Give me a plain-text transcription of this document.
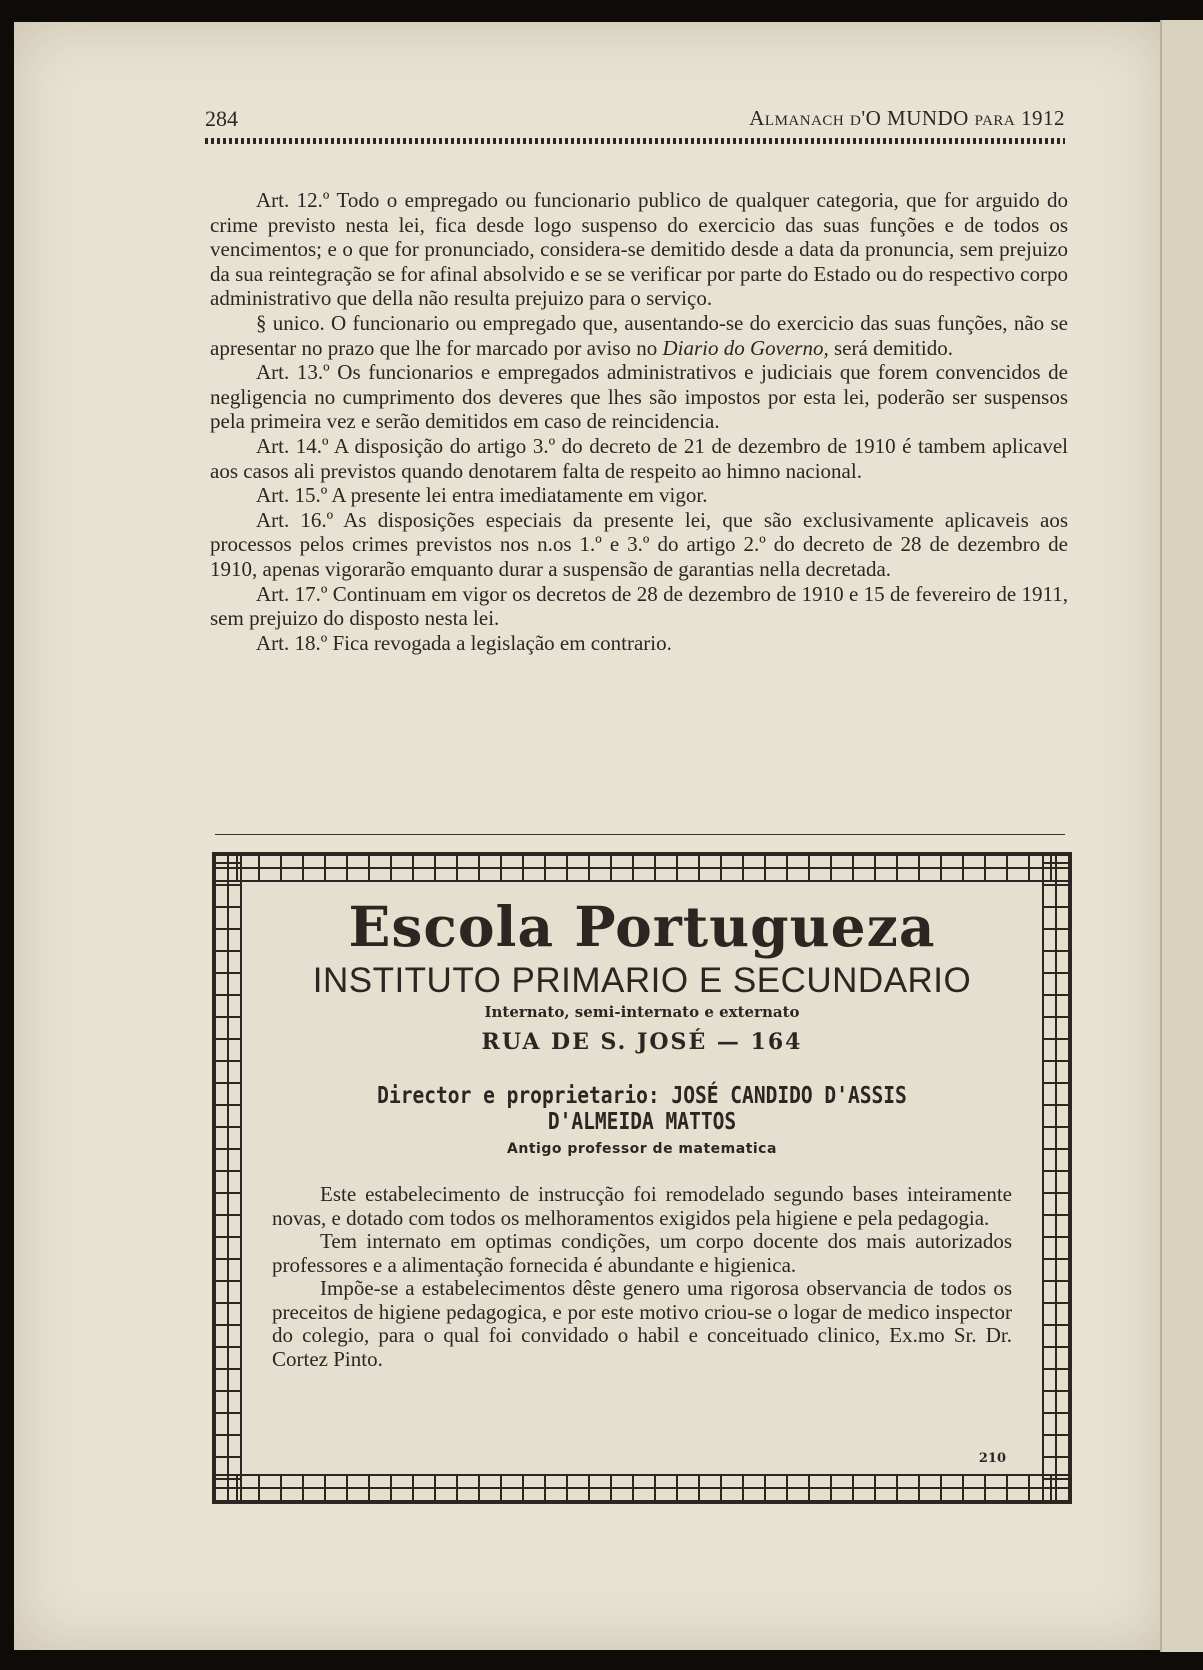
284	Almanach d'O MUNDO para 1912

Art. 12.º Todo o empregado ou funcionario publico de qualquer categoria, que for arguido do crime previsto nesta lei, fica desde logo suspenso do exercicio das suas funções e de todos os vencimentos; e o que for pronunciado, considera-se demitido desde a data da pronuncia, sem prejuizo da sua reintegração se for afinal absolvido e se se verificar por parte do Estado ou do respectivo corpo administrativo que della não resulta prejuizo para o serviço.

§ unico. O funcionario ou empregado que, ausentando-se do exercicio das suas funções, não se apresentar no prazo que lhe for marcado por aviso no Diario do Governo, será demitido.

Art. 13.º Os funcionarios e empregados administrativos e judiciais que forem convencidos de negligencia no cumprimento dos deveres que lhes são impostos por esta lei, poderão ser suspensos pela primeira vez e serão demitidos em caso de reincidencia.

Art. 14.º A disposição do artigo 3.º do decreto de 21 de dezembro de 1910 é tambem aplicavel aos casos ali previstos quando denotarem falta de respeito ao himno nacional.

Art. 15.º A presente lei entra imediatamente em vigor.

Art. 16.º As disposições especiais da presente lei, que são exclusivamente aplicaveis aos processos pelos crimes previstos nos n.os 1.º e 3.º do artigo 2.º do decreto de 28 de dezembro de 1910, apenas vigorarão emquanto durar a suspensão de garantias nella decretada.

Art. 17.º Continuam em vigor os decretos de 28 de dezembro de 1910 e 15 de fevereiro de 1911, sem prejuizo do disposto nesta lei.

Art. 18.º Fica revogada a legislação em contrario.

Escola Portugueza
INSTITUTO PRIMARIO E SECUNDARIO
Internato, semi-internato e externato
RUA DE S. JOSÉ — 164
Director e proprietario: JOSÉ CANDIDO D'ASSIS D'ALMEIDA MATTOS
Antigo professor de matematica

Este estabelecimento de instrucção foi remodelado segundo bases inteiramente novas, e dotado com todos os melhoramentos exigidos pela higiene e pela pedagogia.

Tem internato em optimas condições, um corpo docente dos mais autorizados professores e a alimentação fornecida é abundante e higienica.

Impõe-se a estabelecimentos dêste genero uma rigorosa observancia de todos os preceitos de higiene pedagogica, e por este motivo criou-se o logar de medico inspector do colegio, para o qual foi convidado o habil e conceituado clinico, Ex.mo Sr. Dr. Cortez Pinto.

210
